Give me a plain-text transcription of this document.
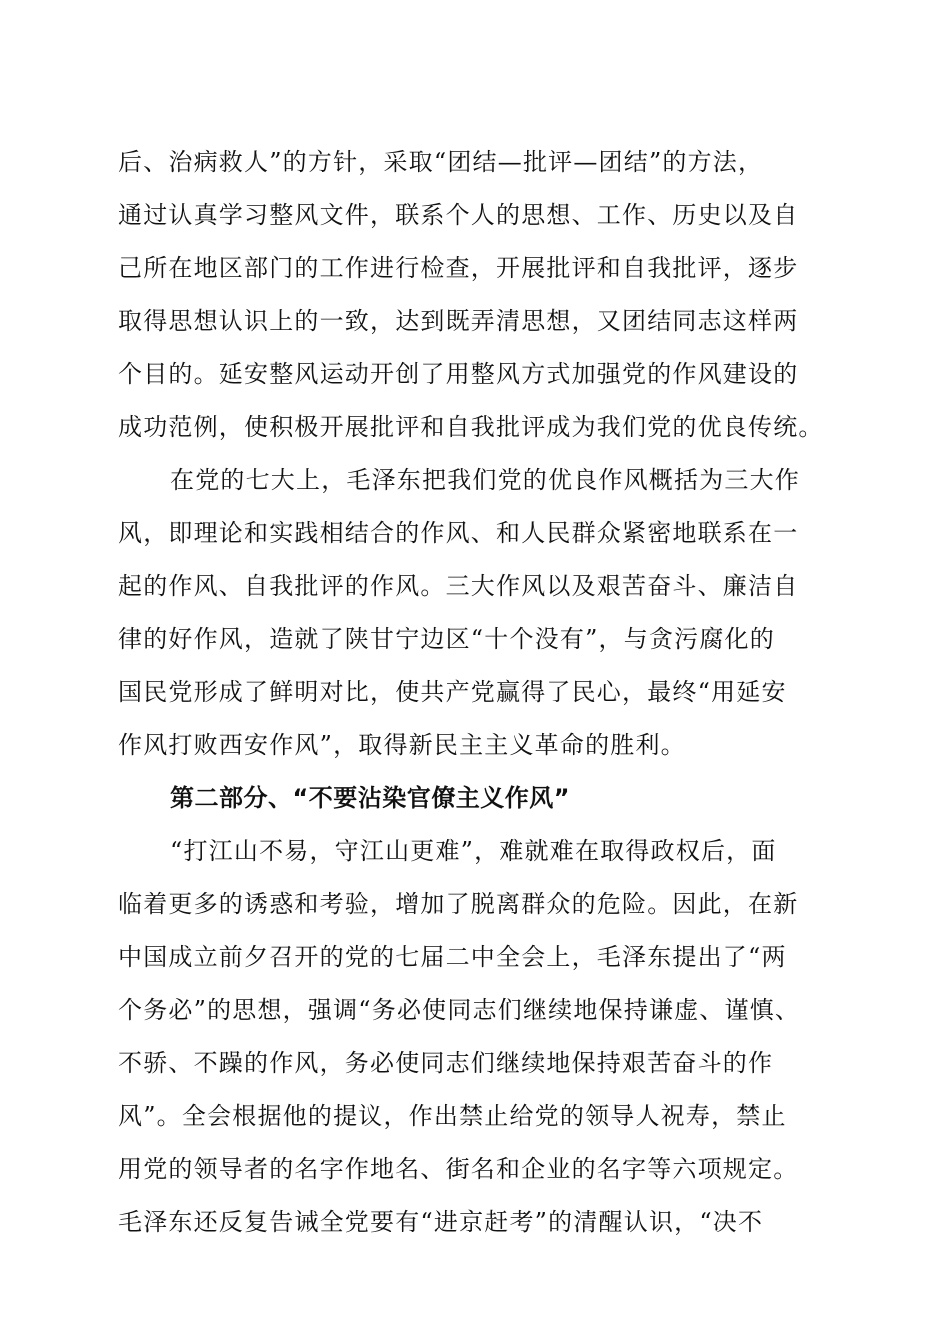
后、治病救人”的方针，采取“团结—批评—团结”的方法，
通过认真学习整风文件，联系个人的思想、工作、历史以及自
己所在地区部门的工作进行检查，开展批评和自我批评，逐步
取得思想认识上的一致，达到既弄清思想，又团结同志这样两
个目的。延安整风运动开创了用整风方式加强党的作风建设的
成功范例，使积极开展批评和自我批评成为我们党的优良传统。
在党的七大上，毛泽东把我们党的优良作风概括为三大作
风，即理论和实践相结合的作风、和人民群众紧密地联系在一
起的作风、自我批评的作风。三大作风以及艰苦奋斗、廉洁自
律的好作风，造就了陕甘宁边区“十个没有”，与贪污腐化的
国民党形成了鲜明对比，使共产党赢得了民心，最终“用延安
作风打败西安作风”，取得新民主主义革命的胜利。
第二部分、“不要沾染官僚主义作风”
“打江山不易，守江山更难”，难就难在取得政权后，面
临着更多的诱惑和考验，增加了脱离群众的危险。因此，在新
中国成立前夕召开的党的七届二中全会上，毛泽东提出了“两
个务必”的思想，强调“务必使同志们继续地保持谦虚、谨慎、
不骄、不躁的作风，务必使同志们继续地保持艰苦奋斗的作
风”。全会根据他的提议，作出禁止给党的领导人祝寿，禁止
用党的领导者的名字作地名、街名和企业的名字等六项规定。
毛泽东还反复告诫全党要有“进京赶考”的清醒认识，“决不
